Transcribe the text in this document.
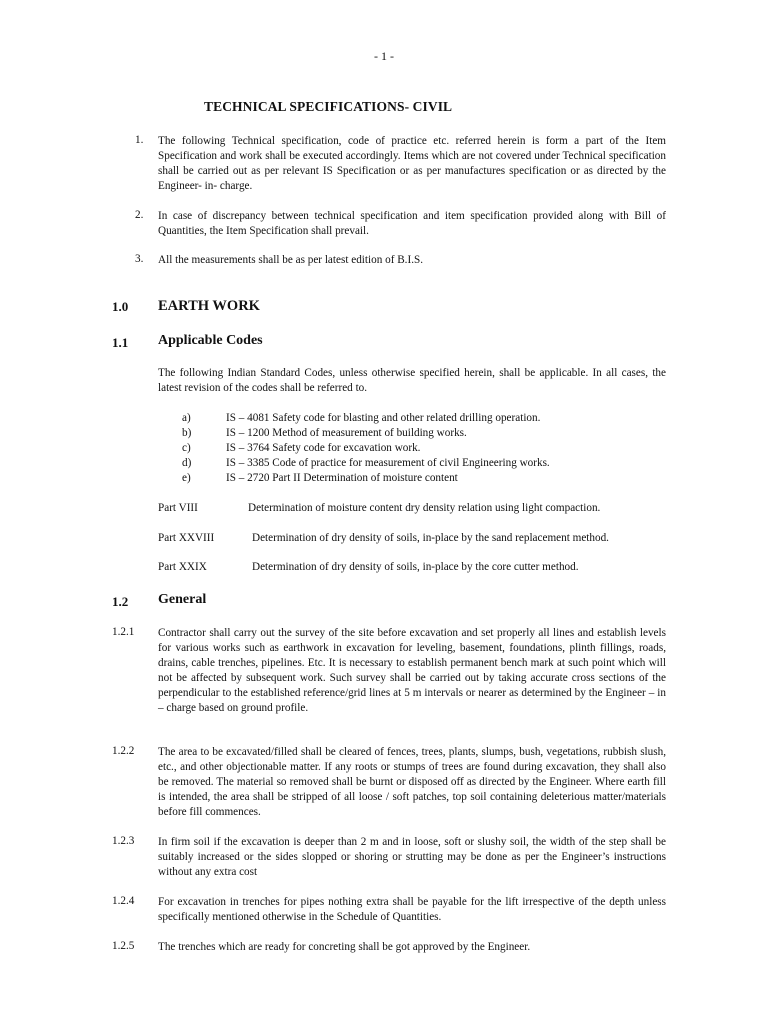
- 1 -
TECHNICAL SPECIFICATIONS- CIVIL
1. The following Technical specification, code of practice etc. referred herein is form a part of the Item Specification and work shall be executed accordingly. Items which are not covered under Technical specification shall be carried out as per relevant IS Specification or as per manufactures specification or as directed by the Engineer- in- charge.
2. In case of discrepancy between technical specification and item specification provided along with Bill of Quantities, the Item Specification shall prevail.
3. All the measurements shall be as per latest edition of B.I.S.
1.0 EARTH WORK
1.1 Applicable Codes
The following Indian Standard Codes, unless otherwise specified herein, shall be applicable. In all cases, the latest revision of the codes shall be referred to.
a)	IS – 4081 Safety code for blasting and other related drilling operation.
b)	IS – 1200 Method of measurement of building works.
c)	IS – 3764 Safety code for excavation work.
d)	IS – 3385 Code of practice for measurement of civil Engineering works.
e)	IS – 2720 Part II Determination of moisture content
Part VIII	Determination of moisture content dry density relation using light compaction.
Part XXVIII	Determination of dry density of soils, in-place by the sand replacement method.
Part XXIX	Determination of dry density of soils, in-place by the core cutter method.
1.2 General
1.2.1 Contractor shall carry out the survey of the site before excavation and set properly all lines and establish levels for various works such as earthwork in excavation for leveling, basement, foundations, plinth fillings, roads, drains, cable trenches, pipelines. Etc. It is necessary to establish permanent bench mark at such point which will not be affected by subsequent work. Such survey shall be carried out by taking accurate cross sections of the perpendicular to the established reference/grid lines at 5 m intervals or nearer as determined by the Engineer – in – charge based on ground profile.
1.2.2 The area to be excavated/filled shall be cleared of fences, trees, plants, slumps, bush, vegetations, rubbish slush, etc., and other objectionable matter. If any roots or stumps of trees are found during excavation, they shall also be removed. The material so removed shall be burnt or disposed off as directed by the Engineer. Where earth fill is intended, the area shall be stripped of all loose / soft patches, top soil containing deleterious matter/materials before fill commences.
1.2.3 In firm soil if the excavation is deeper than 2 m and in loose, soft or slushy soil, the width of the step shall be suitably increased or the sides slopped or shoring or strutting may be done as per the Engineer’s instructions without any extra cost
1.2.4 For excavation in trenches for pipes nothing extra shall be payable for the lift irrespective of the depth unless specifically mentioned otherwise in the Schedule of Quantities.
1.2.5 The trenches which are ready for concreting shall be got approved by the Engineer.
